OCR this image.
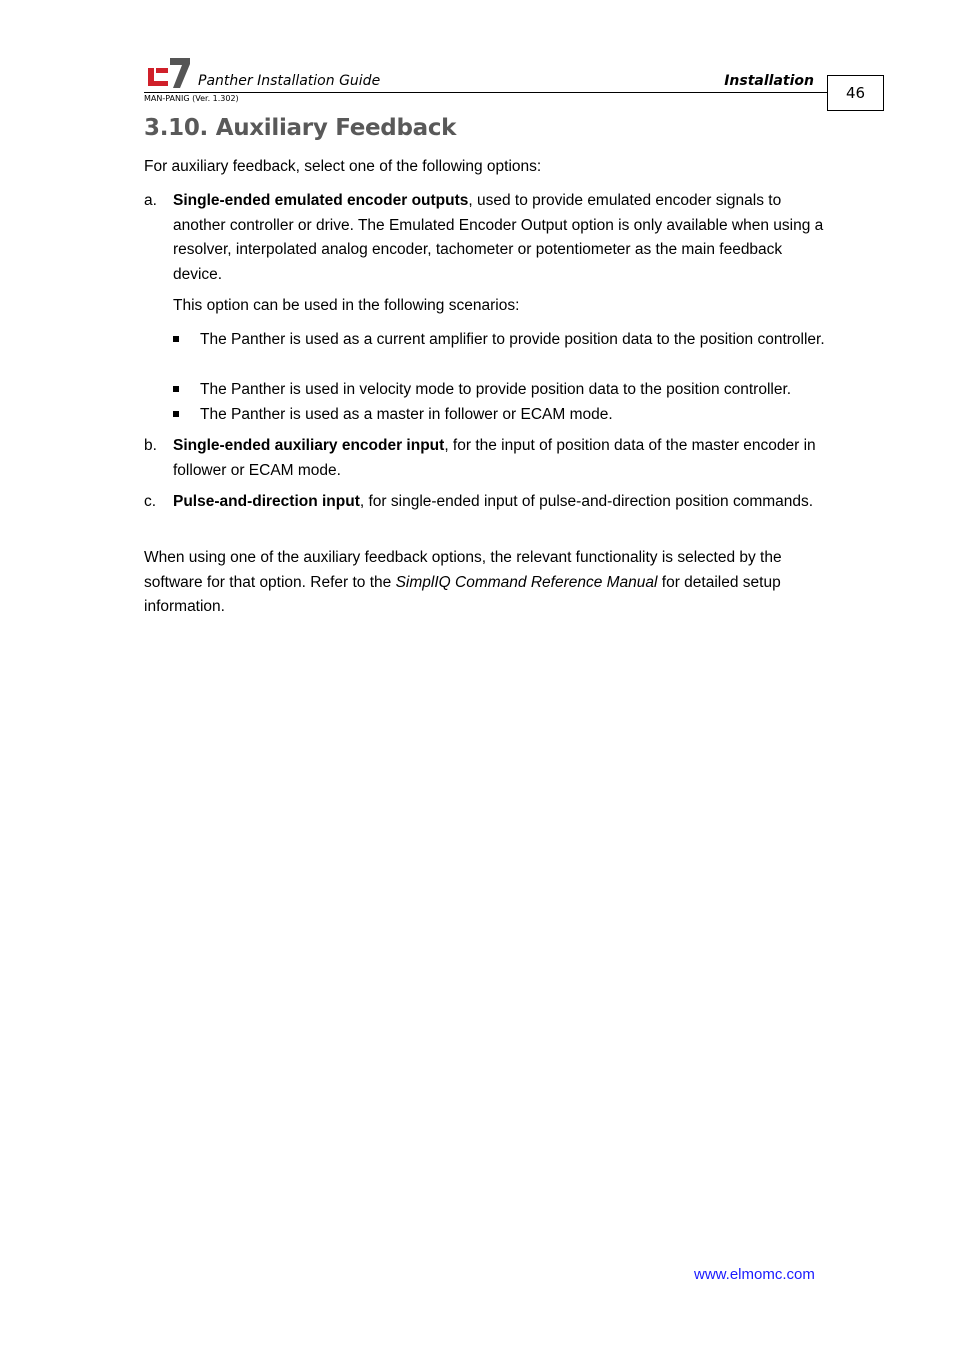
Panther Installation Guide	Installation
MAN-PANIG (Ver. 1.302)	46
3.10. Auxiliary Feedback
For auxiliary feedback, select one of the following options:
a. Single-ended emulated encoder outputs, used to provide emulated encoder signals to another controller or drive. The Emulated Encoder Output option is only available when using a resolver, interpolated analog encoder, tachometer or potentiometer as the main feedback device.
This option can be used in the following scenarios:
The Panther is used as a current amplifier to provide position data to the position controller.
The Panther is used in velocity mode to provide position data to the position controller.
The Panther is used as a master in follower or ECAM mode.
b. Single-ended auxiliary encoder input, for the input of position data of the master encoder in follower or ECAM mode.
c. Pulse-and-direction input, for single-ended input of pulse-and-direction position commands.
When using one of the auxiliary feedback options, the relevant functionality is selected by the software for that option. Refer to the SimplIQ Command Reference Manual for detailed setup information.
www.elmomc.com
